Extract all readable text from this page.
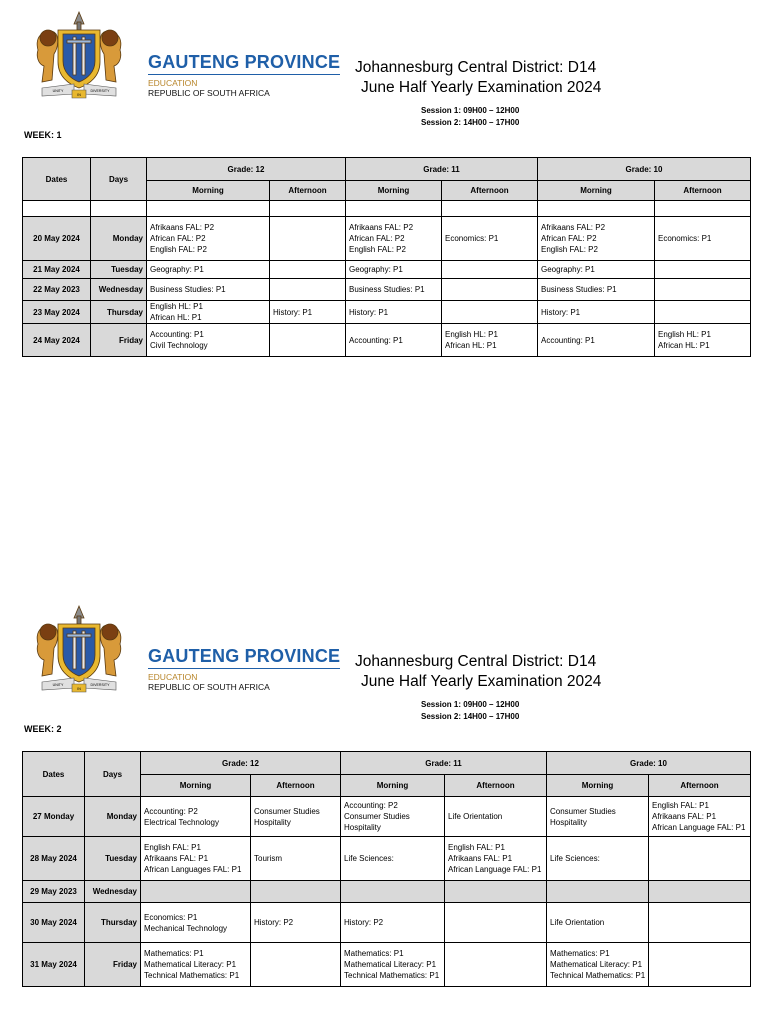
UNITY
IN
DIVERSITY
GAUTENG PROVINCE
EDUCATION
REPUBLIC OF SOUTH AFRICA
Johannesburg Central District: D14
June Half Yearly Examination 2024
Session 1: 09H00 – 12H00
Session 2: 14H00 – 17H00
WEEK: 1
Dates	Days	Grade: 12		Grade: 11		Grade: 10	
		Morning	Afternoon	Morning	Afternoon	Morning	Afternoon

20 May 2024	Monday	Afrikaans FAL: P2
African FAL: P2
English FAL: P2		Afrikaans FAL: P2
African FAL: P2
English FAL: P2	Economics: P1	Afrikaans FAL: P2
African FAL: P2
English FAL: P2	Economics: P1

21 May 2024	Tuesday	Geography: P1		Geography: P1		Geography: P1	

22 May 2023	Wednesday	Business Studies: P1		Business Studies: P1		Business Studies: P1	

23 May 2024	Thursday	English HL: P1
African HL: P1	History: P1	History: P1		History: P1	

24 May 2024	Friday	Accounting: P1
Civil Technology		Accounting: P1	English HL: P1
African HL: P1	Accounting: P1	English HL: P1
African HL: P1
UNITY
IN
DIVERSITY
GAUTENG PROVINCE
EDUCATION
REPUBLIC OF SOUTH AFRICA
Johannesburg Central District: D14
June Half Yearly Examination 2024
Session 1: 09H00 – 12H00
Session 2: 14H00 – 17H00
WEEK: 2
Dates	Days	Grade: 12		Grade: 11		Grade: 10	
		Morning	Afternoon	Morning	Afternoon	Morning	Afternoon
27 Monday	Monday	Accounting: P2
Electrical Technology	Consumer Studies
Hospitality	Accounting: P2
Consumer Studies
Hospitality	Life Orientation	Consumer Studies
Hospitality	English FAL: P1
Afrikaans FAL: P1
African Language FAL: P1

28 May 2024	Tuesday	English FAL: P1
Afrikaans FAL: P1
African Languages FAL: P1	Tourism	Life Sciences:	English FAL: P1
Afrikaans FAL: P1
African Language FAL: P1	Life Sciences:	

29 May 2023	Wednesday						
30 May 2024	Thursday	Economics: P1
Mechanical Technology	History: P2	History: P2		Life Orientation	

31 May 2024	Friday	Mathematics: P1
Mathematical Literacy: P1
Technical Mathematics: P1		Mathematics: P1
Mathematical Literacy: P1
Technical Mathematics: P1		Mathematics: P1
Mathematical Literacy: P1
Technical Mathematics: P1	
